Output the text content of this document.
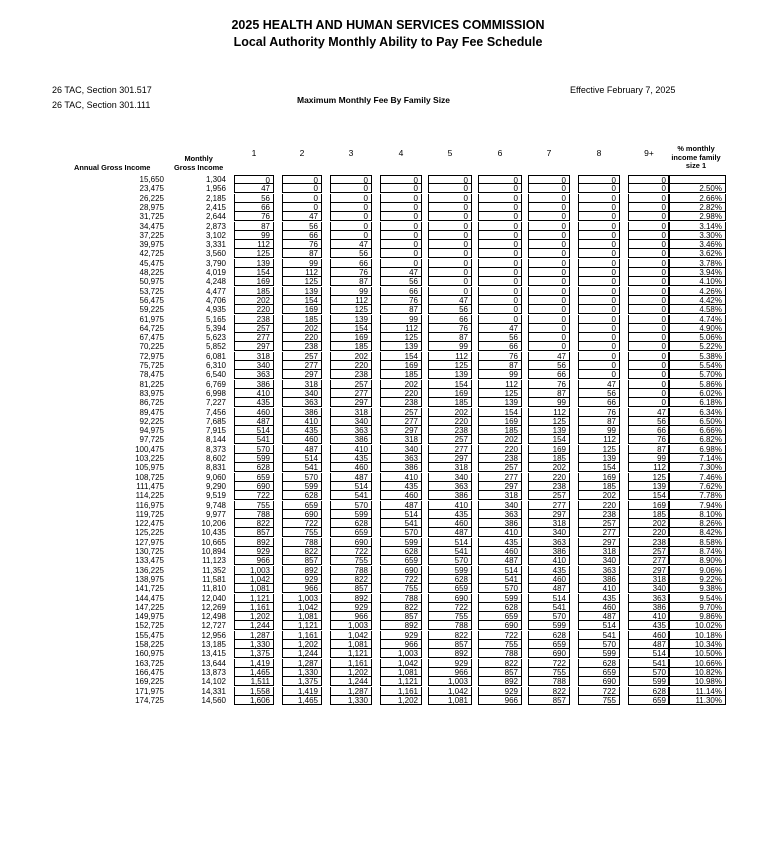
2025 HEALTH AND HUMAN SERVICES COMMISSION
Local Authority Monthly Ability to Pay Fee Schedule
26 TAC, Section 301.517
26 TAC, Section 301.111
Effective February 7, 2025
Maximum Monthly Fee By Family Size
Annual Gross Income
Monthly
Gross Income
1	2	3	4	5	6	7	8	9+	% monthly
income family
size 1
15,650	1,304	0	0	0	0	0	0	0	0	0
23,475	1,956	47	0	0	0	0	0	0	0	0	2.50%
26,225	2,185	56	0	0	0	0	0	0	0	0	2.66%
28,975	2,415	66	0	0	0	0	0	0	0	0	2.82%
31,725	2,644	76	47	0	0	0	0	0	0	0	2.98%
34,475	2,873	87	56	0	0	0	0	0	0	0	3.14%
37,225	3,102	99	66	0	0	0	0	0	0	0	3.30%
39,975	3,331	112	76	47	0	0	0	0	0	0	3.46%
42,725	3,560	125	87	56	0	0	0	0	0	0	3.62%
45,475	3,790	139	99	66	0	0	0	0	0	0	3.78%
48,225	4,019	154	112	76	47	0	0	0	0	0	3.94%
50,975	4,248	169	125	87	56	0	0	0	0	0	4.10%
53,725	4,477	185	139	99	66	0	0	0	0	0	4.26%
56,475	4,706	202	154	112	76	47	0	0	0	0	4.42%
59,225	4,935	220	169	125	87	56	0	0	0	0	4.58%
61,975	5,165	238	185	139	99	66	0	0	0	0	4.74%
64,725	5,394	257	202	154	112	76	47	0	0	0	4.90%
67,475	5,623	277	220	169	125	87	56	0	0	0	5.06%
70,225	5,852	297	238	185	139	99	66	0	0	0	5.22%
72,975	6,081	318	257	202	154	112	76	47	0	0	5.38%
75,725	6,310	340	277	220	169	125	87	56	0	0	5.54%
78,475	6,540	363	297	238	185	139	99	66	0	0	5.70%
81,225	6,769	386	318	257	202	154	112	76	47	0	5.86%
83,975	6,998	410	340	277	220	169	125	87	56	0	6.02%
86,725	7,227	435	363	297	238	185	139	99	66	0	6.18%
89,475	7,456	460	386	318	257	202	154	112	76	47	6.34%
92,225	7,685	487	410	340	277	220	169	125	87	56	6.50%
94,975	7,915	514	435	363	297	238	185	139	99	66	6.66%
97,725	8,144	541	460	386	318	257	202	154	112	76	6.82%
100,475	8,373	570	487	410	340	277	220	169	125	87	6.98%
103,225	8,602	599	514	435	363	297	238	185	139	99	7.14%
105,975	8,831	628	541	460	386	318	257	202	154	112	7.30%
108,725	9,060	659	570	487	410	340	277	220	169	125	7.46%
111,475	9,290	690	599	514	435	363	297	238	185	139	7.62%
114,225	9,519	722	628	541	460	386	318	257	202	154	7.78%
116,975	9,748	755	659	570	487	410	340	277	220	169	7.94%
119,725	9,977	788	690	599	514	435	363	297	238	185	8.10%
122,475	10,206	822	722	628	541	460	386	318	257	202	8.26%
125,225	10,435	857	755	659	570	487	410	340	277	220	8.42%
127,975	10,665	892	788	690	599	514	435	363	297	238	8.58%
130,725	10,894	929	822	722	628	541	460	386	318	257	8.74%
133,475	11,123	966	857	755	659	570	487	410	340	277	8.90%
136,225	11,352	1,003	892	788	690	599	514	435	363	297	9.06%
138,975	11,581	1,042	929	822	722	628	541	460	386	318	9.22%
141,725	11,810	1,081	966	857	755	659	570	487	410	340	9.38%
144,475	12,040	1,121	1,003	892	788	690	599	514	435	363	9.54%
147,225	12,269	1,161	1,042	929	822	722	628	541	460	386	9.70%
149,975	12,498	1,202	1,081	966	857	755	659	570	487	410	9.86%
152,725	12,727	1,244	1,121	1,003	892	788	690	599	514	435	10.02%
155,475	12,956	1,287	1,161	1,042	929	822	722	628	541	460	10.18%
158,225	13,185	1,330	1,202	1,081	966	857	755	659	570	487	10.34%
160,975	13,415	1,375	1,244	1,121	1,003	892	788	690	599	514	10.50%
163,725	13,644	1,419	1,287	1,161	1,042	929	822	722	628	541	10.66%
166,475	13,873	1,465	1,330	1,202	1,081	966	857	755	659	570	10.82%
169,225	14,102	1,511	1,375	1,244	1,121	1,003	892	788	690	599	10.98%
171,975	14,331	1,558	1,419	1,287	1,161	1,042	929	822	722	628	11.14%
174,725	14,560	1,606	1,465	1,330	1,202	1,081	966	857	755	659	11.30%
